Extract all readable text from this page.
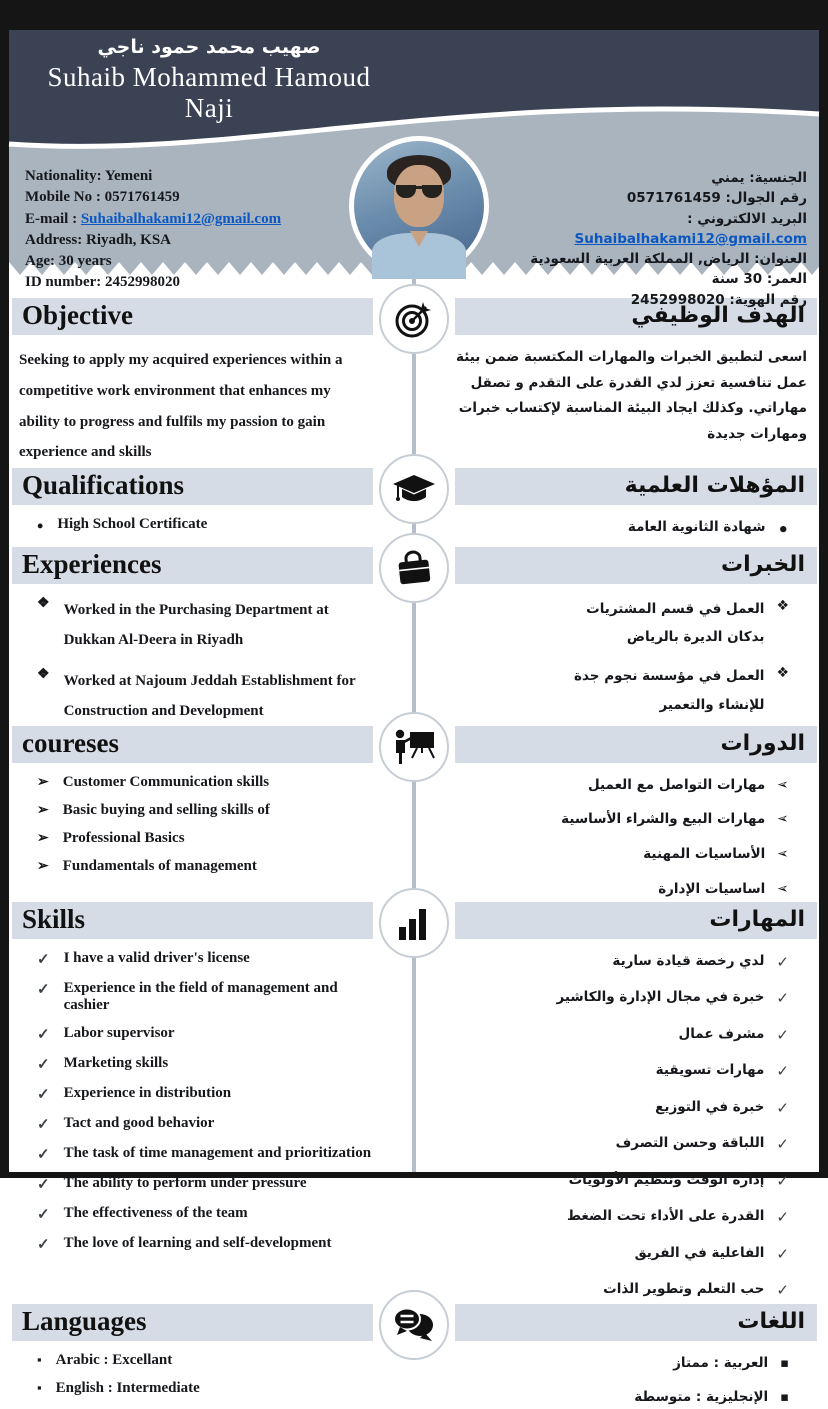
صهيب محمد حمود ناجي
Suhaib Mohammed Hamoud Naji
Nationality: Yemeni
Mobile No : 0571761459
E-mail : Suhaibalhakami12@gmail.com
Address: Riyadh, KSA
Age: 30 years
ID number: 2452998020
الجنسية: يمني
رقم الجوال: 0571761459
البريد الالكتروني : Suhaibalhakami12@gmail.com
العنوان: الرياض, المملكة العربية السعودية
العمر: 30 سنة
رقم الهوية: 2452998020
Objective

Seeking to apply my acquired experiences within a competitive work environment that enhances my ability to progress and fulfils my passion to gain experience and skills

الهدف الوظيفي

اسعى لتطبيق الخبرات والمهارات المكتسبة ضمن بيئة عمل تنافسية تعزز لدي القدرة على التقدم و تصقل مهاراتي. وكذلك ايجاد البيئة المناسبة لإكتساب خبرات ومهارات جديدة

Qualifications
•
High School Certificate
المؤهلات العلمية
•
شهادة الثانوية العامة
Experiences
❖
Worked in the Purchasing Department at Dukkan Al-Deera in Riyadh
❖
Worked at Najoum Jeddah Establishment for Construction and Development
الخبرات
❖
العمل في قسم المشتريات بدكان الديرة بالرياض
❖
العمل في مؤسسة نجوم جدة للإنشاء والتعمير
coureses
➢
Customer Communication skills
➢
Basic buying and selling skills of
➢
Professional Basics
➢
Fundamentals of management
الدورات
➢
مهارات التواصل مع العميل
➢
مهارات البيع والشراء الأساسية
➢
الأساسيات المهنية
➢
اساسيات الإدارة
Skills
✓
I have a valid driver's license
✓
Experience in the field of management and cashier
✓
Labor supervisor
✓
Marketing skills
✓
Experience in distribution
✓
Tact and good behavior
✓
The task of time management and prioritization
✓
The ability to perform under pressure
✓
The effectiveness of the team
✓
The love of learning and self-development
المهارات
✓
لدي رخصة قيادة سارية
✓
خبرة في مجال الإدارة والكاشير
✓
مشرف عمال
✓
مهارات تسويقية
✓
خبرة في التوزيع
✓
اللباقة وحسن التصرف
✓
إدارة الوقت وتنظيم الأولويات
✓
القدرة على الأداء تحت الضغط
✓
الفاعلية في الفريق
✓
حب التعلم وتطوير الذات
Languages
▪
Arabic : Excellant
▪
English : Intermediate
اللغات
▪
العربية : ممتاز
▪
الإنجليزية : متوسطة
